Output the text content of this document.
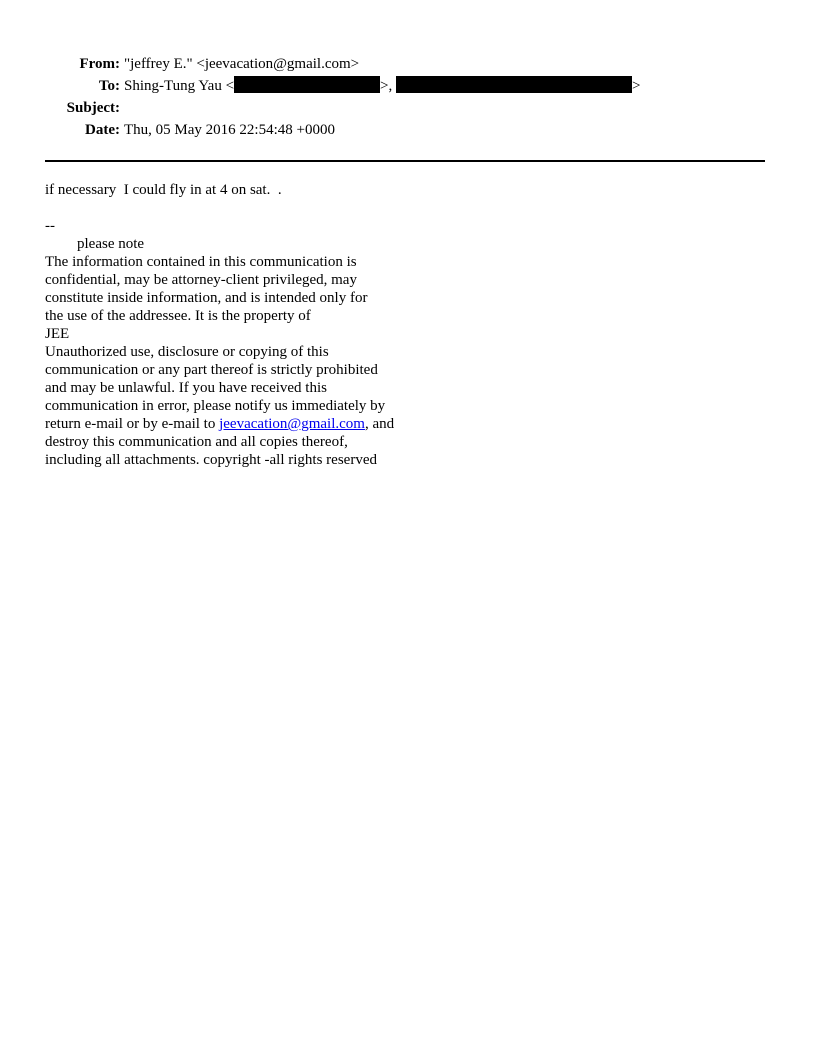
From: "jeffrey E." <jeevacation@gmail.com>
To: Shing-Tung Yau <	>,	>
Subject:
Date: Thu, 05 May 2016 22:54:48 +0000
if necessary  I could fly in at 4 on sat.  .
--
please note
The information contained in this communication is
confidential, may be attorney-client privileged, may
constitute inside information, and is intended only for
the use of the addressee. It is the property of
JEE
Unauthorized use, disclosure or copying of this
communication or any part thereof is strictly prohibited
and may be unlawful. If you have received this
communication in error, please notify us immediately by
return e-mail or by e-mail to jeevacation@gmail.com, and
destroy this communication and all copies thereof,
including all attachments. copyright -all rights reserved
